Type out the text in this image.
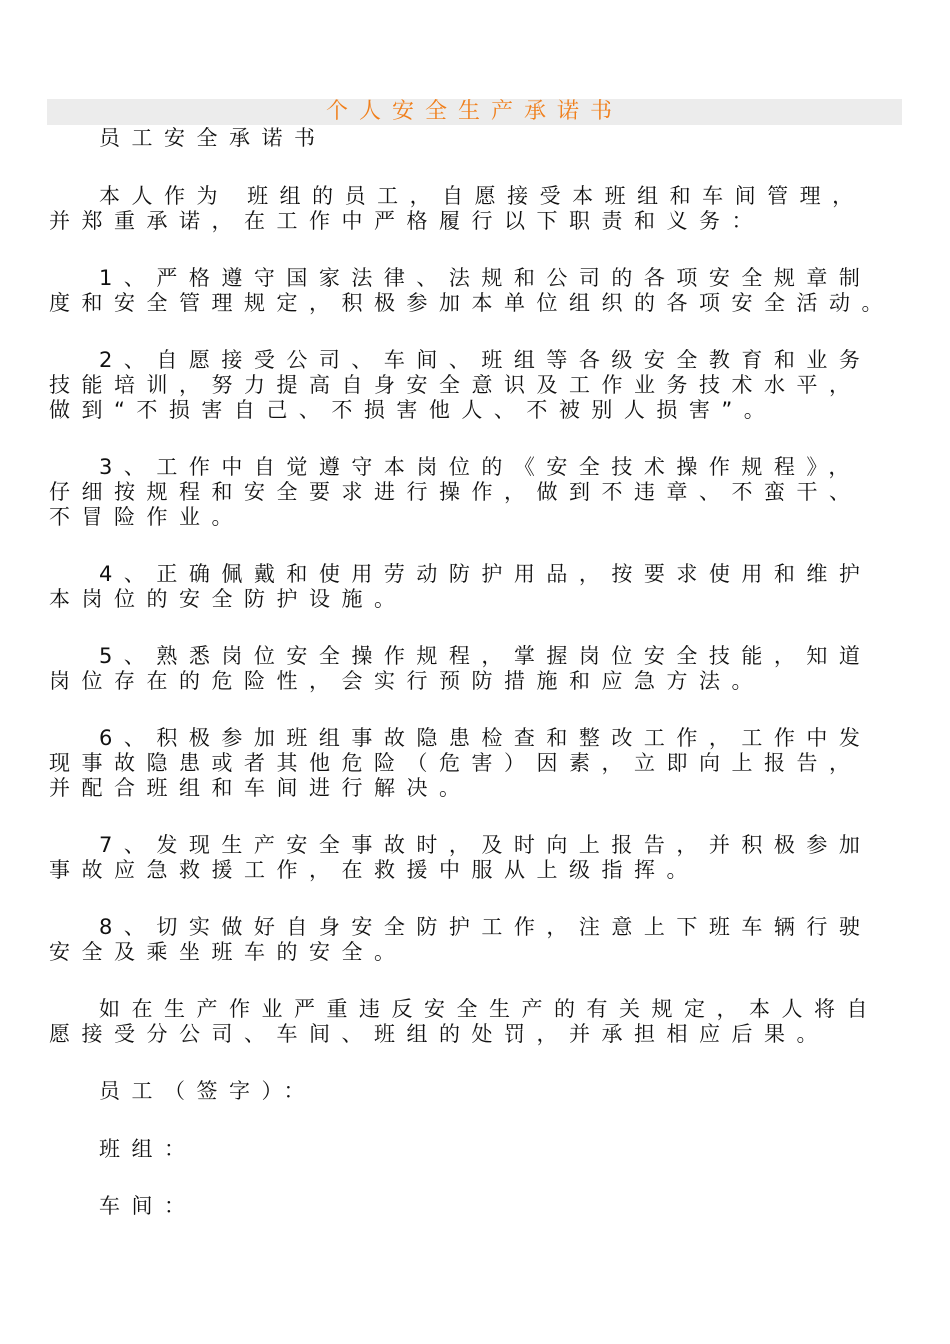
个人安全生产承诺书
员工安全承诺书
本人作为 班组的员工，自愿接受本班组和车间管理，
并郑重承诺，在工作中严格履行以下职责和义务：
1、严格遵守国家法律、法规和公司的各项安全规章制
度和安全管理规定，积极参加本单位组织的各项安全活动。
2、自愿接受公司、车间、班组等各级安全教育和业务
技能培训，努力提高自身安全意识及工作业务技术水平，
做到“不损害自己、不损害他人、不被别人损害”。
3、工作中自觉遵守本岗位的《安全技术操作规程》，
仔细按规程和安全要求进行操作，做到不违章、不蛮干、
不冒险作业。
4、正确佩戴和使用劳动防护用品，按要求使用和维护
本岗位的安全防护设施。
5、熟悉岗位安全操作规程，掌握岗位安全技能，知道
岗位存在的危险性，会实行预防措施和应急方法。
6、积极参加班组事故隐患检查和整改工作，工作中发
现事故隐患或者其他危险（危害）因素，立即向上报告，
并配合班组和车间进行解决。
7、发现生产安全事故时，及时向上报告，并积极参加
事故应急救援工作，在救援中服从上级指挥。
8、切实做好自身安全防护工作，注意上下班车辆行驶
安全及乘坐班车的安全。
如在生产作业严重违反安全生产的有关规定，本人将自
愿接受分公司、车间、班组的处罚，并承担相应后果。
员工（签字）：
班组：
车间：
